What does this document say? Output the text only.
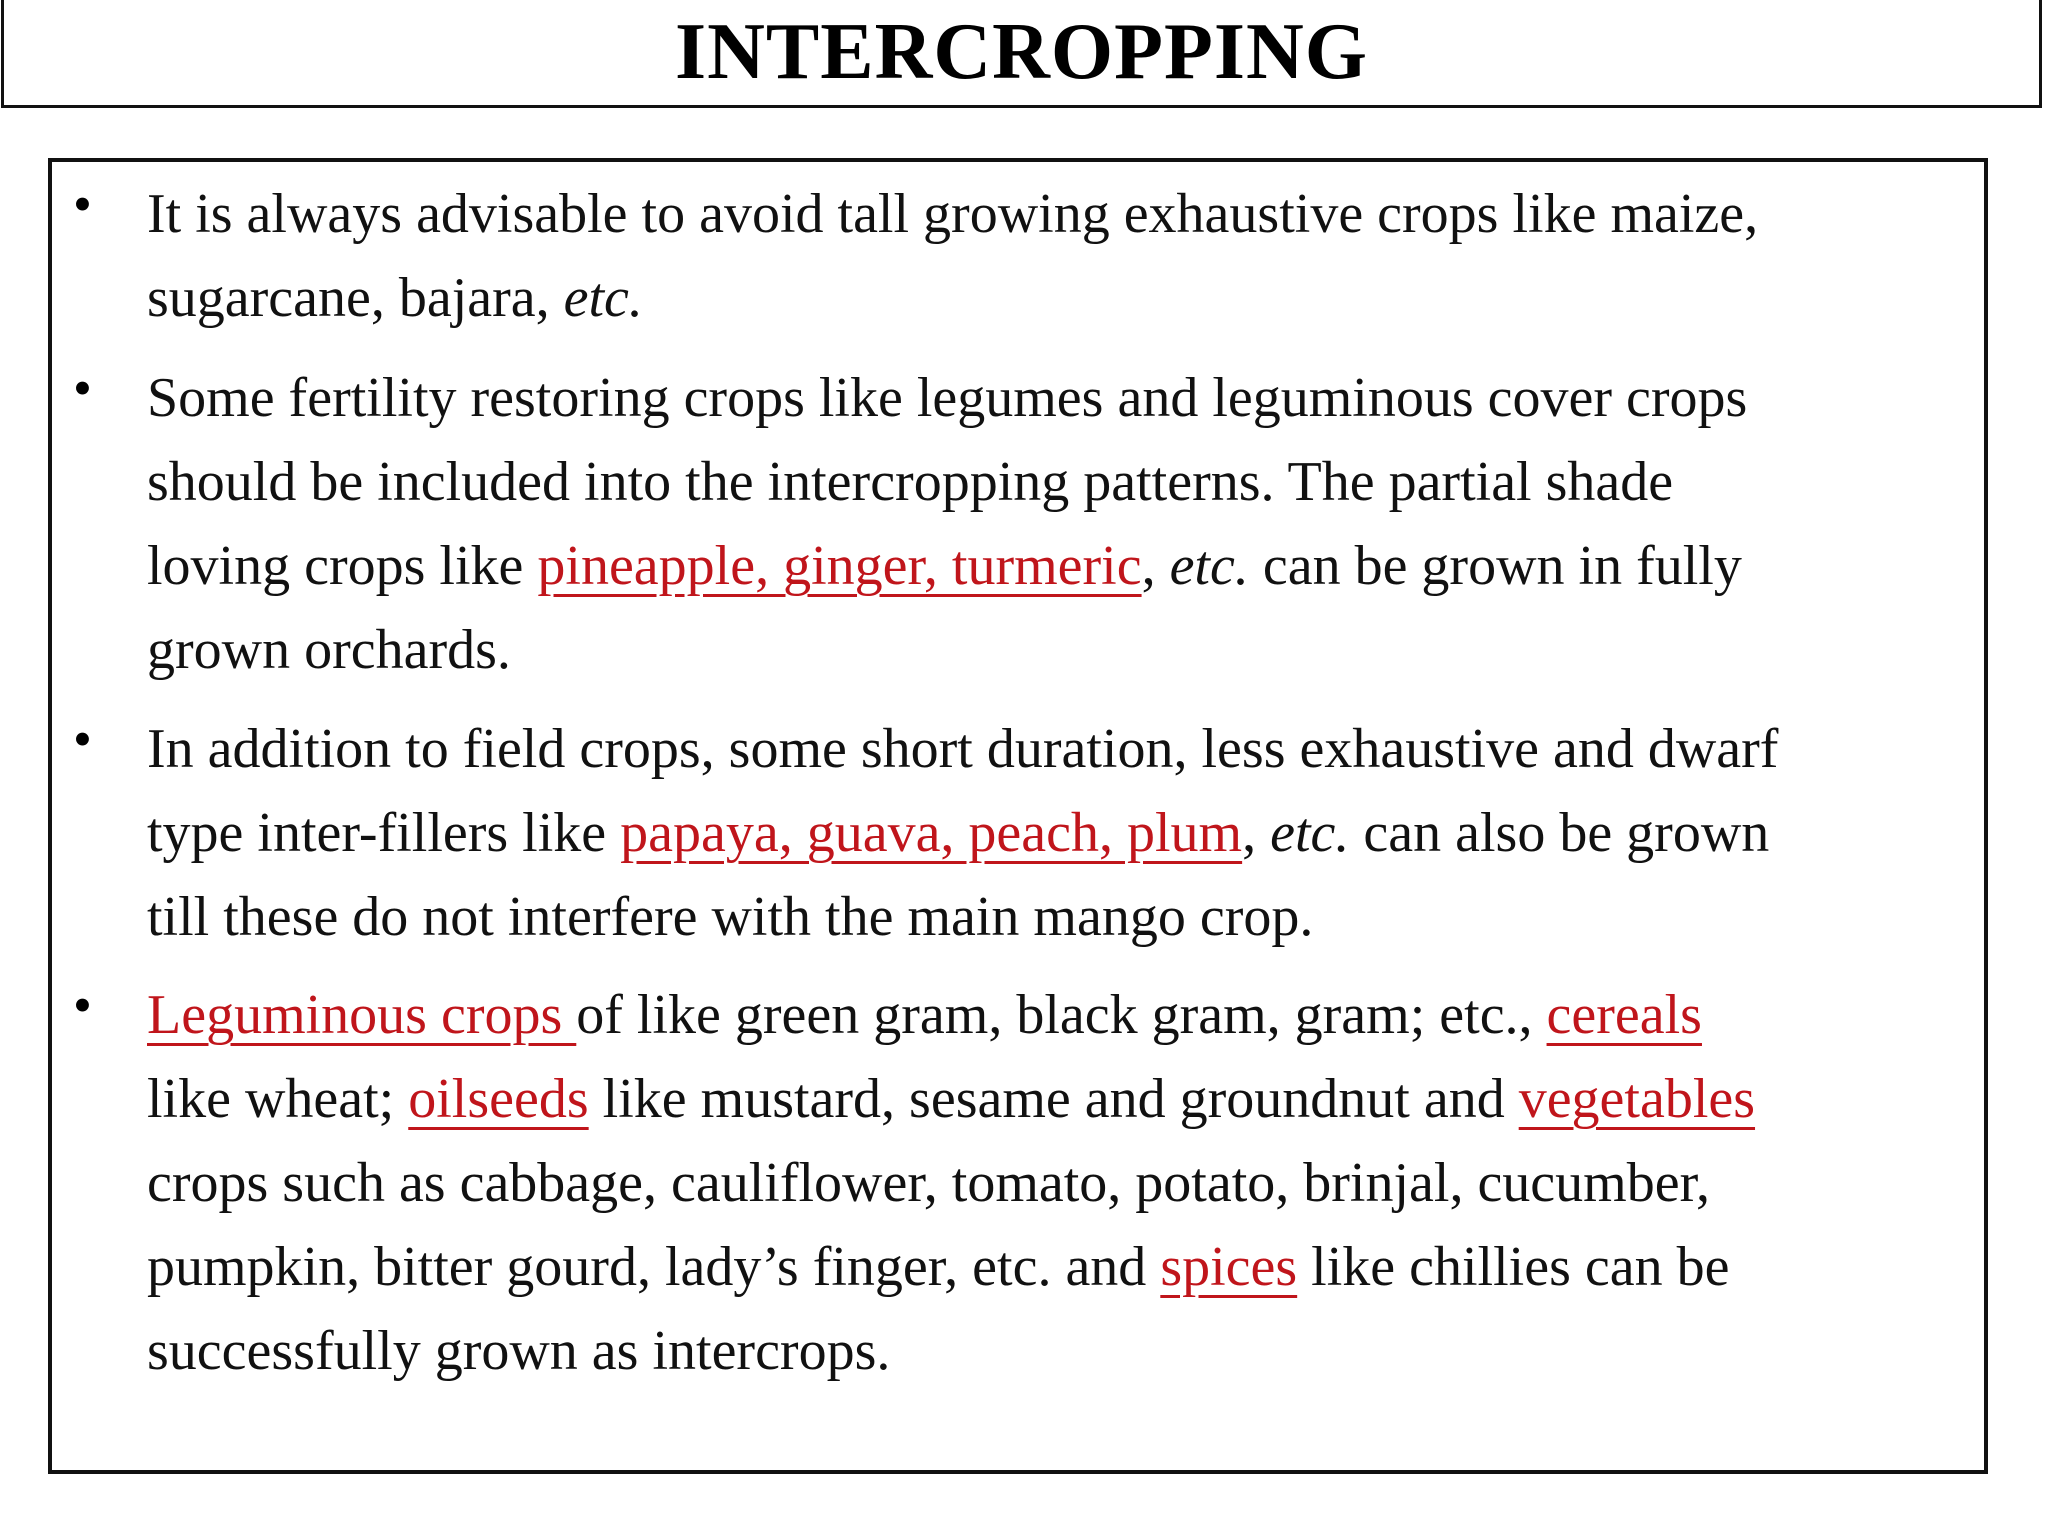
INTERCROPPING
• It is always advisable to avoid tall growing exhaustive crops like maize,
sugarcane, bajara, etc.
• Some fertility restoring crops like legumes and leguminous cover crops
should be included into the intercropping patterns. The partial shade
loving crops like pineapple, ginger, turmeric, etc. can be grown in fully
grown orchards.
• In addition to field crops, some short duration, less exhaustive and dwarf
type inter-fillers like papaya, guava, peach, plum, etc. can also be grown
till these do not interfere with the main mango crop.
• Leguminous crops of like green gram, black gram, gram; etc., cereals
like wheat; oilseeds like mustard, sesame and groundnut and vegetables
crops such as cabbage, cauliflower, tomato, potato, brinjal, cucumber,
pumpkin, bitter gourd, lady’s finger, etc. and spices like chillies can be
successfully grown as intercrops.
